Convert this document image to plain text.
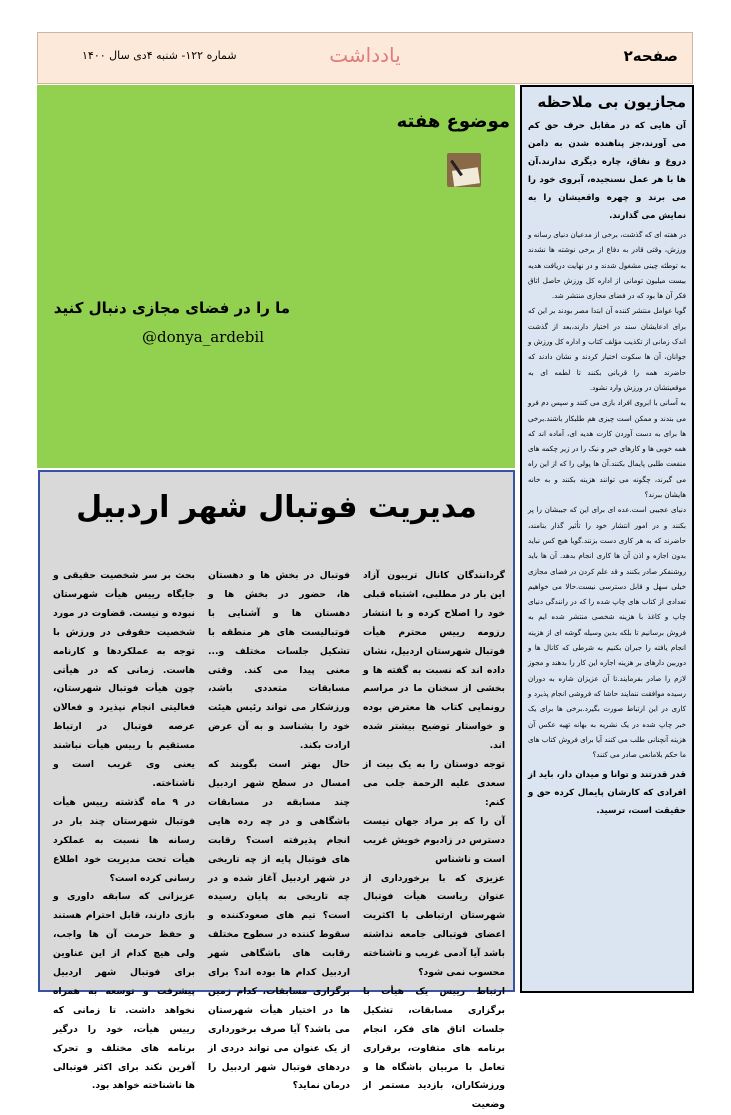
صفحه۲
یادداشت
شماره ۱۲۲- شنبه ۴دی سال ۱۴۰۰
مجازیون بی ملاحظه

آن هایی که در مقابل حرف حق کم می آورند،جز پناهنده شدن به دامن دروغ و نفاق، چاره دیگری ندارند.آن ها با هر عمل نسنجیده، آبروی خود را می برند و چهره واقعیشان را به نمایش می گذارند.

در هفته ای که گذشت، برخی از مدعیان دنیای رسانه و ورزش، وقتی قادر به دفاع از برخی نوشته ها نشدند به توطئه چینی مشغول شدند و در نهایت دریافت هدیه بیست میلیون تومانی از اداره کل ورزش حاصل اتاق فکر آن ها بود که در فضای مجازی منتشر شد.

گویا عوامل منتشر کننده آن ابتدا مصر بودند بر این که برای ادعایشان سند در اختیار دارند،بعد از گذشت اندک زمانی از تکذیب مؤلف کتاب و اداره کل ورزش و جوانان، آن ها سکوت اختیار کردند و نشان دادند که حاضرند همه را قربانی بکنند تا لطمه ای به موقعیتشان در ورزش وارد نشود.

به آسانی با ابروی افراد بازی می کنند و سپس دم فرو می بندند و ممکن است چیزی هم طلبکار باشند.برخی ها برای به دست آوردن کارت هدیه ای، آماده اند که همه خوبی ها و کارهای خیر و نیک را در زیر چکمه های منفعت طلبی پایمال بکنند.آن ها پولی را که از این راه می گیرند، چگونه می توانند هزینه بکنند و به خانه هایشان ببرند؟

دنیای عجیبی است.عده ای برای این که جیبشان را پر بکنند و در امور انتشار خود را تأثیر گذار بنامند، حاضرند که به هر کاری دست بزنند.گویا هیچ کس نباید بدون اجازه و اذن آن ها کاری انجام بدهد. آن ها باید روشنفکر صادر بکنند و قد علم کردن در فضای مجازی خیلی سهل و قابل دسترسی نیست.حالا می خواهیم تعدادی از کتاب های چاپ شده را که در رانندگی دنیای چاپ و کاغذ با هزینه شخصی منتشر شده ایم به فروش برسانیم تا بلکه بدین وسیله گوشه ای از هزینه انجام یافته را جبران بکنیم به شرطی که کانال ها و دوربین دارهای بر هزینه اجاره این کار را بدهند و مجوز لازم را صادر بفرمایند.تا آن عزیزان شاره به دوران رسیده موافقت ننمایند حاشا که فروشی انجام پذیرد و کاری در این ارتباط صورت بگیرد.برخی ها برای یک خبر چاپ شده در یک نشریه به بهانه تهیه عکس آن هزینه آنچنانی طلب می کنند آیا برای فروش کتاب های ما حکم بلامانعی صادر می کنند؟

قدر قدرتند و توانا و میدان دار، باید از افرادی که کارشان پایمال کرده حق و حقیقت است، ترسید.

موضوع هفته
ما را در فضای مجازی دنبال کنید
@donya_ardebil
مدیریت فوتبال شهر اردبیل

گردانندگان کانال تریبون آزاد این بار در مطلبی، اشتباه قبلی خود را اصلاح کرده و با انتشار رزومه رییس محترم هیأت فوتبال شهرستان اردبیل، نشان داده اند که نسبت به گفته ها و بخشی از سخنان ما در مراسم رونمایی کتاب ها معترض بوده و خواستار توضیح بیشتر شده اند.

توجه دوستان را به یک بیت از سعدی علیه الرحمة جلب می کنم:

آن را که بر مراد جهان نیست دسترس در زادبوم خویش غریب است و ناشناس

عزیزی که با برخورداری از عنوان ریاست هیأت فوتبال شهرستان ارتباطی با اکثریت اعضای فوتبالی جامعه نداشته باشد آیا آدمی غریب و ناشناخته محسوب نمی شود؟

ارتباط رییس یک هیأت با برگزاری مسابقات، تشکیل جلسات اتاق های فکر، انجام برنامه های متفاوت، برقراری تعامل با مربیان باشگاه ها و ورزشکاران، بازدید مستمر از وضعیت

فوتبال در بخش ها و دهستان ها، حضور در بخش ها و دهستان ها و آشنایی با فوتبالیست های هر منطقه با تشکیل جلسات مختلف و... معنی پیدا می کند. وقتی مسابقات متعددی باشد، ورزشکار می تواند رئیس هیئت خود را بشناسد و به آن عرض ارادت بکند.

حال بهتر است بگویند که امسال در سطح شهر اردبیل چند مسابقه در مسابقات باشگاهی و در چه رده هایی انجام پذیرفته است؟ رقابت های فوتبال پایه از چه تاریخی در شهر اردبیل آغاز شده و در چه تاریخی به پایان رسیده است؟ تیم های صعودکننده و سقوط کننده در سطوح مختلف رقابت های باشگاهی شهر اردبیل کدام ها بوده اند؟ برای برگزاری مسابقات، کدام زمین ها در اختیار هیأت شهرستان می باشد؟ آیا صرف برخورداری از یک عنوان می تواند دردی از دردهای فوتبال شهر اردبیل را درمان نماید؟

بحث بر سر شخصیت حقیقی و جایگاه رییس هیأت شهرستان نبوده و نیست. قضاوت در مورد شخصیت حقوقی در ورزش با توجه به عملکردها و کارنامه هاست. زمانی که در هیأتی چون هیأت فوتبال شهرستان، فعالیتی انجام نپذیرد و فعالان عرصه فوتبال در ارتباط مستقیم با رییس هیأت نباشند یعنی وی غریب است و ناشناخته.

در ۹ ماه گذشته رییس هیأت فوتبال شهرستان چند بار در رسانه ها نسبت به عملکرد هیأت تحت مدیریت خود اطلاع رسانی کرده است؟

عزیزانی که سابقه داوری و بازی دارند، قابل احترام هستند و حفظ حرمت آن ها واجب، ولی هیچ کدام از این عناوین برای فوتبال شهر اردبیل پیشرفت و توسعه به همراه نخواهد داشت. تا زمانی که رییس هیأت، خود را درگیر برنامه های مختلف و تحرک آفرین نکند برای اکثر فوتبالی ها ناشناخته خواهد بود.
